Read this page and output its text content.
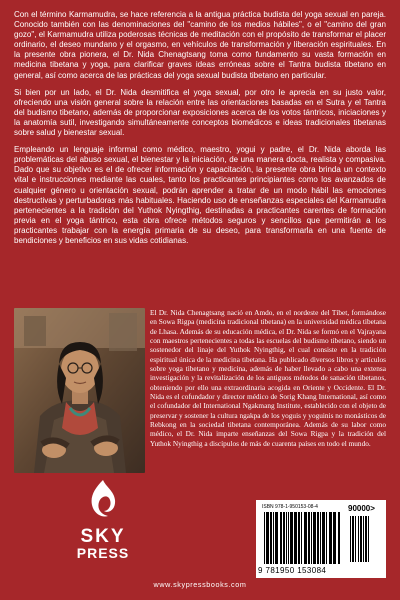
Con el término Karmamudra, se hace referencia a la antigua práctica budista del yoga sexual en pareja. Conocido también con las denominaciones del "camino de los medios hábiles", o el "camino del gran gozo", el Karmamudra utiliza poderosas técnicas de meditación con el propósito de transformar el placer ordinario, el deseo mundano y el orgasmo, en vehículos de transformación y liberación espirituales. En la presente obra pionera, el Dr. Nida Chenagtsang toma como fundamento su vasta formación en medicina tibetana y yoga, para clarificar graves ideas erróneas sobre el Tantra budista tibetano en general, así como acerca de las prácticas del yoga sexual budista tibetano en particular.

Si bien por un lado, el Dr. Nida desmitifica el yoga sexual, por otro le aprecia en su justo valor, ofreciendo una visión general sobre la relación entre las orientaciones basadas en el Sutra y el Tantra del budismo tibetano, además de proporcionar exposiciones acerca de los votos tántricos, iniciaciones y la anatomía sutil, investigando simultáneamente conceptos biomédicos e ideas tradicionales tibetanas sobre salud y bienestar sexual.

Empleando un lenguaje informal como médico, maestro, yogui y padre, el Dr. Nida aborda las problemáticas del abuso sexual, el bienestar y la iniciación, de una manera docta, realista y compasiva. Dado que su objetivo es el de ofrecer información y capacitación, la presente obra brinda un contexto vital e instrucciones mediante las cuales, tanto los practicantes principiantes como los avanzados de cualquier género u orientación sexual, podrán aprender a tratar de un modo hábil las emociones destructivas y perturbadoras más habituales. Haciendo uso de enseñanzas especiales del Karmamudra pertenecientes a la tradición del Yuthok Nyingthig, destinadas a practicantes carentes de formación previa en el yoga tántrico, esta obra ofrece métodos seguros y sencillos que permitirán a los practicantes trabajar con la energía primaria de su deseo, para transformarla en una fuente de bendiciones y beneficios en sus vidas cotidianas.

El Dr. Nida Chenagtsang nació en Amdo, en el nordeste del Tíbet, formándose en Sowa Rigpa (medicina tradicional tibetana) en la universidad médica tibetana de Lhasa. Además de su educación médica, el Dr. Nida se formó en el Vajrayana con maestros pertenecientes a todas las escuelas del budismo tibetano, siendo un sostenedor del linaje del Yuthok Nyingthig, el cual consiste en la tradición espiritual única de la medicina tibetana. Ha publicado diversos libros y artículos sobre yoga tibetano y medicina, además de haber llevado a cabo una extensa investigación y la revitalización de los antiguos métodos de sanación tibetanos, obteniendo por ello una extraordinaria acogida en Oriente y Occidente. El Dr. Nida es el cofundador y director médico de Sorig Khang International, así como el cofundador del International Ngakmang Institute, establecido con el objeto de preservar y sostener la cultura ngakpa de los yoguis y yoguinis no monásticos de Rebkong en la sociedad tibetana contemporánea. Además de su labor como médico, el Dr. Nida imparte enseñanzas del Sowa Rigpa y la tradición del Yuthok Nyingthig a discípulos de más de cuarenta países en todo el mundo.
SKY
PRESS
www.skypressbooks.com
ISBN 978-1-950153-08-4	90000>
9 781950 153084
